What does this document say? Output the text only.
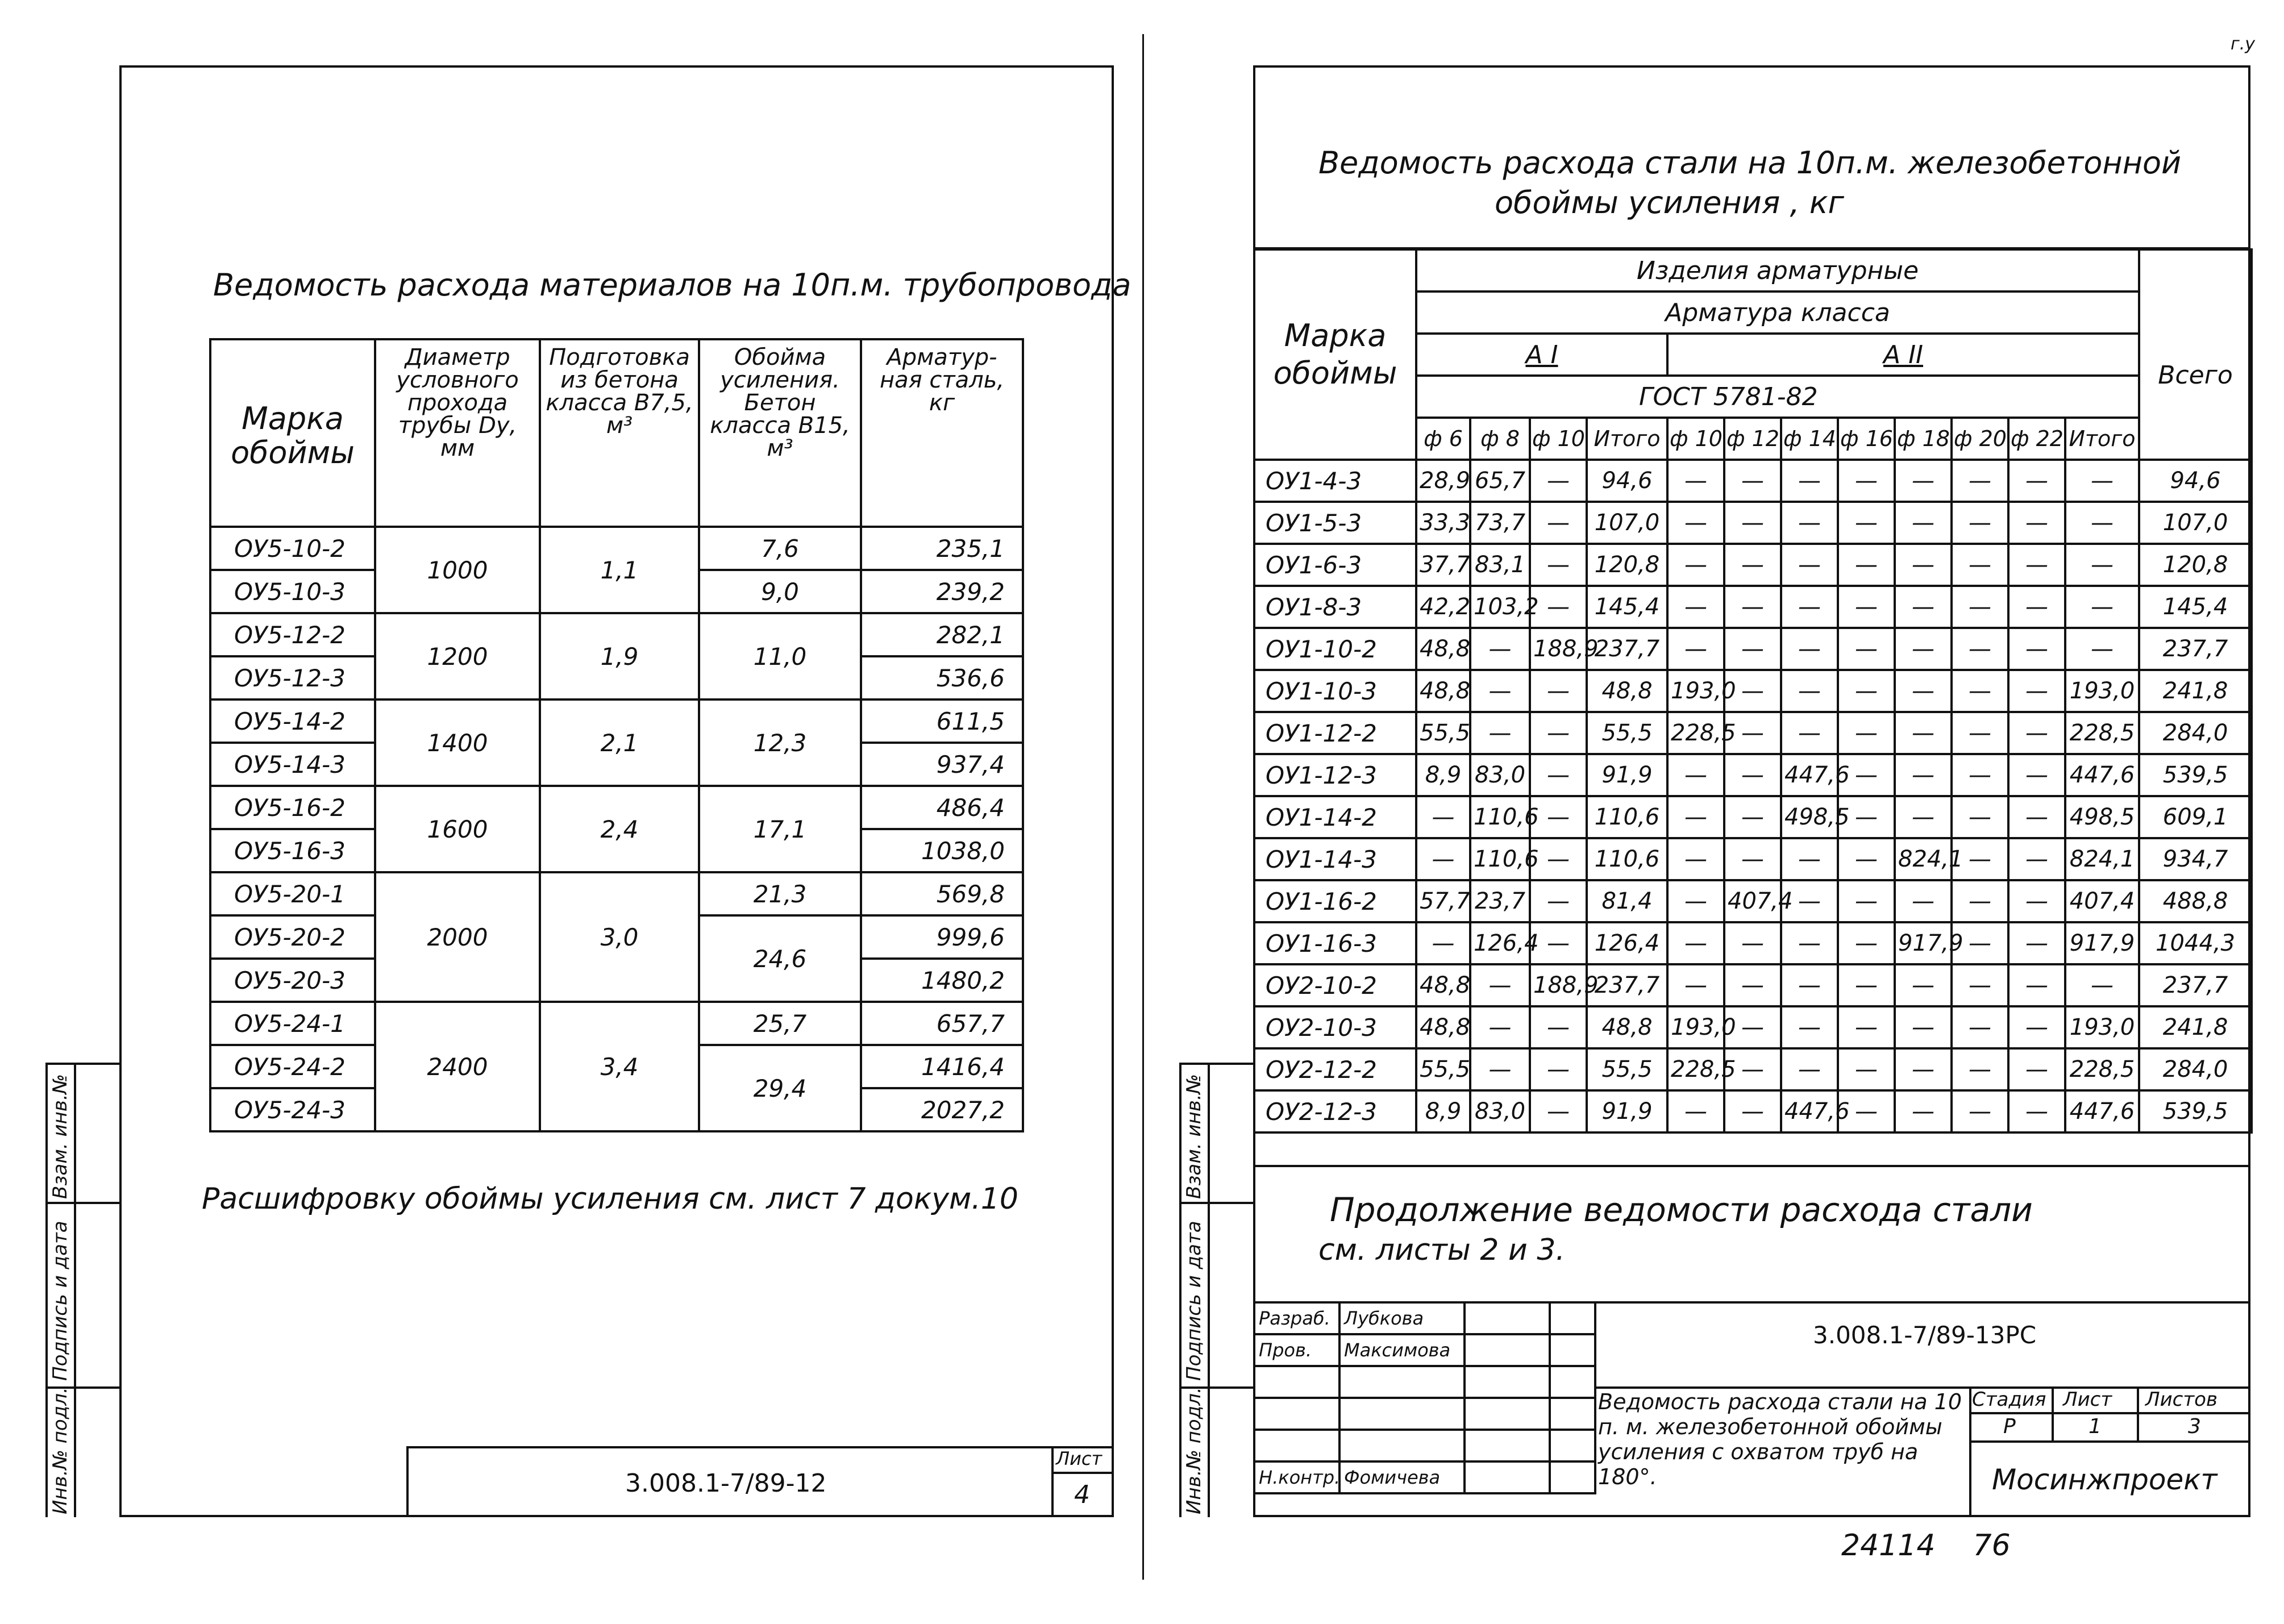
Ведомость расхода материалов на 10п.м. трубопровода
Марка обоймы	Диаметр условного прохода трубы Dу, мм	Подготовка из бетона класса В7,5, м³	Обойма усиления. Бетон класса В15, м³	Арматур-ная сталь, кг
ОУ5-10-2	1000	1,1	7,6	235,1
ОУ5-10-3			9,0	239,2
ОУ5-12-2	1200	1,9	11,0	282,1
ОУ5-12-3				536,6
ОУ5-14-2	1400	2,1	12,3	611,5
ОУ5-14-3				937,4
ОУ5-16-2	1600	2,4	17,1	486,4
ОУ5-16-3				1038,0
ОУ5-20-1	2000	3,0	21,3	569,8
ОУ5-20-2			24,6	999,6
ОУ5-20-3				1480,2
ОУ5-24-1	2400	3,4	25,7	657,7
ОУ5-24-2			29,4	1416,4
ОУ5-24-3				2027,2
Расшифровку обоймы усиления см. лист 7 докум.10
Инв.№ подл.
Подпись и дата
Взам. инв.№
3.008.1-7/89-12
Лист
4
г.у
Ведомость расхода стали на 10п.м. железобетонной
обоймы усиления , кг
Марка обоймы	Изделия арматурные												
	Арматура класса												Всего
	А I				А II								
	ГОСТ 5781-82												
	ф 6	ф 8	ф 10	Итого	ф 10	ф 12	ф 14	ф 16	ф 18	ф 20	ф 22	Итого	
ОУ1-4-3	28,9	65,7	—	94,6	—	—	—	—	—	—	—	—	94,6
ОУ1-5-3	33,3	73,7	—	107,0	—	—	—	—	—	—	—	—	107,0
ОУ1-6-3	37,7	83,1	—	120,8	—	—	—	—	—	—	—	—	120,8
ОУ1-8-3	42,2	103,2	—	145,4	—	—	—	—	—	—	—	—	145,4
ОУ1-10-2	48,8	—	188,9	237,7	—	—	—	—	—	—	—	—	237,7
ОУ1-10-3	48,8	—	—	48,8	193,0	—	—	—	—	—	—	193,0	241,8
ОУ1-12-2	55,5	—	—	55,5	228,5	—	—	—	—	—	—	228,5	284,0
ОУ1-12-3	8,9	83,0	—	91,9	—	—	447,6	—	—	—	—	447,6	539,5
ОУ1-14-2	—	110,6	—	110,6	—	—	498,5	—	—	—	—	498,5	609,1
ОУ1-14-3	—	110,6	—	110,6	—	—	—	—	824,1	—	—	824,1	934,7
ОУ1-16-2	57,7	23,7	—	81,4	—	407,4	—	—	—	—	—	407,4	488,8
ОУ1-16-3	—	126,4	—	126,4	—	—	—	—	917,9	—	—	917,9	1044,3
ОУ2-10-2	48,8	—	188,9	237,7	—	—	—	—	—	—	—	—	237,7
ОУ2-10-3	48,8	—	—	48,8	193,0	—	—	—	—	—	—	193,0	241,8
ОУ2-12-2	55,5	—	—	55,5	228,5	—	—	—	—	—	—	228,5	284,0
ОУ2-12-3	8,9	83,0	—	91,9	—	—	447,6	—	—	—	—	447,6	539,5
Продолжение ведомости расхода стали
см. листы 2 и 3.
Инв.№ подл.
Подпись и дата
Взам. инв.№
Разраб.	Лубкова		
Пров.	Максимова		

Н.контр.	Фомичева		
3.008.1-7/89-13РС
Ведомость расхода стали на 10 п. м. железобетонной обоймы усиления с охватом труб на 180°.
Стадия Лист Листов
Р	1	3
Мосинжпроект
24114    76
